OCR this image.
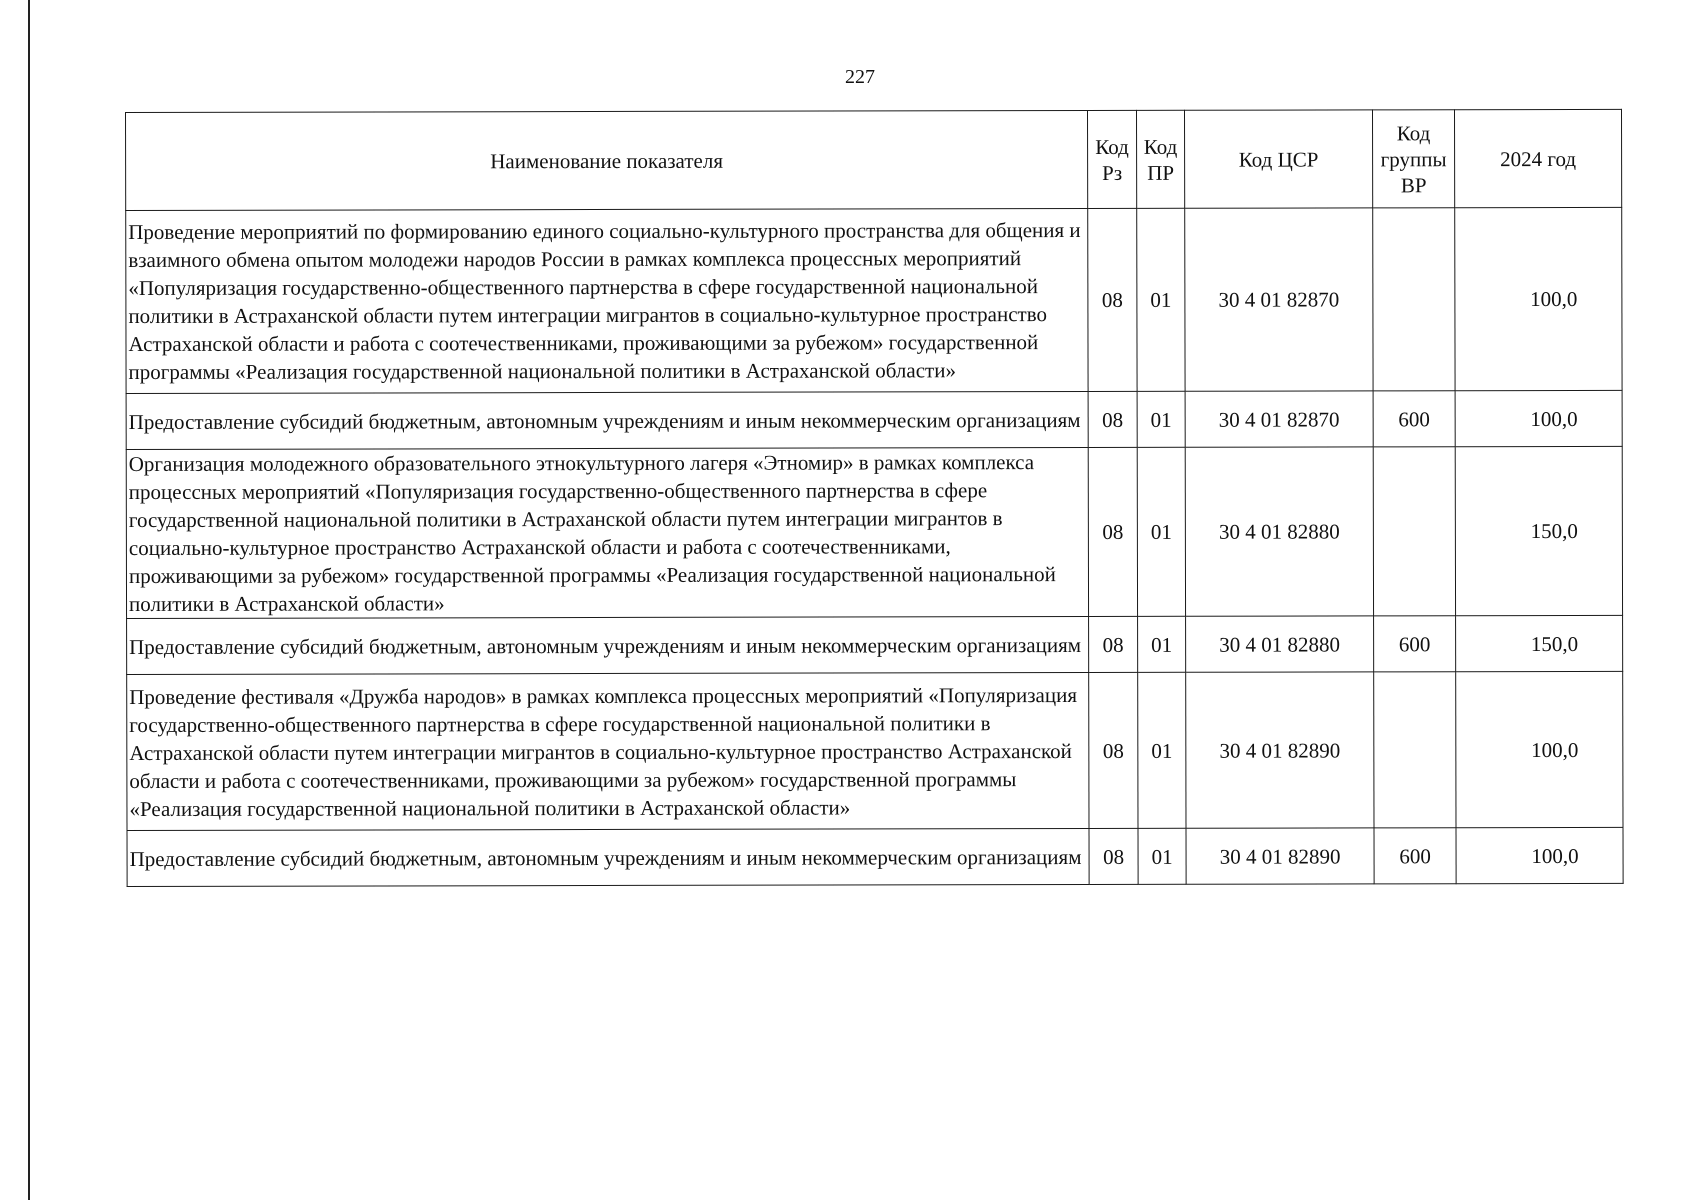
227
Наименование показателя	Код Рз	Код ПР	Код ЦСР	Код группы ВР	2024 год
Проведение мероприятий по формированию единого социально-культурного пространства для общения и взаимного обмена опытом молодежи народов России в рамках комплекса процессных мероприятий «Популяризация государственно-общественного партнерства в сфере государственной национальной политики в Астраханской области путем интеграции мигрантов в социально-культурное пространство Астраханской области и работа с соотечественниками, проживающими за рубежом» государственной программы «Реализация государственной национальной политики в Астраханской области»	08	01	30 4 01 82870		100,0
Предоставление субсидий бюджетным, автономным учреждениям и иным некоммерческим организациям	08	01	30 4 01 82870	600	100,0
Организация молодежного образовательного этнокультурного лагеря «Этномир» в рамках комплекса процессных мероприятий «Популяризация государственно-общественного партнерства в сфере государственной национальной политики в Астраханской области путем интеграции мигрантов в социально-культурное пространство Астраханской области и работа с соотечественниками, проживающими за рубежом» государственной программы «Реализация государственной национальной политики в Астраханской области»	08	01	30 4 01 82880		150,0
Предоставление субсидий бюджетным, автономным учреждениям и иным некоммерческим организациям	08	01	30 4 01 82880	600	150,0
Проведение фестиваля «Дружба народов» в рамках комплекса процессных мероприятий «Популяризация государственно-общественного партнерства в сфере государственной национальной политики в Астраханской области путем интеграции мигрантов в социально-культурное пространство Астраханской области и работа с соотечественниками, проживающими за рубежом» государственной программы «Реализация государственной национальной политики в Астраханской области»	08	01	30 4 01 82890		100,0
Предоставление субсидий бюджетным, автономным учреждениям и иным некоммерческим организациям	08	01	30 4 01 82890	600	100,0
